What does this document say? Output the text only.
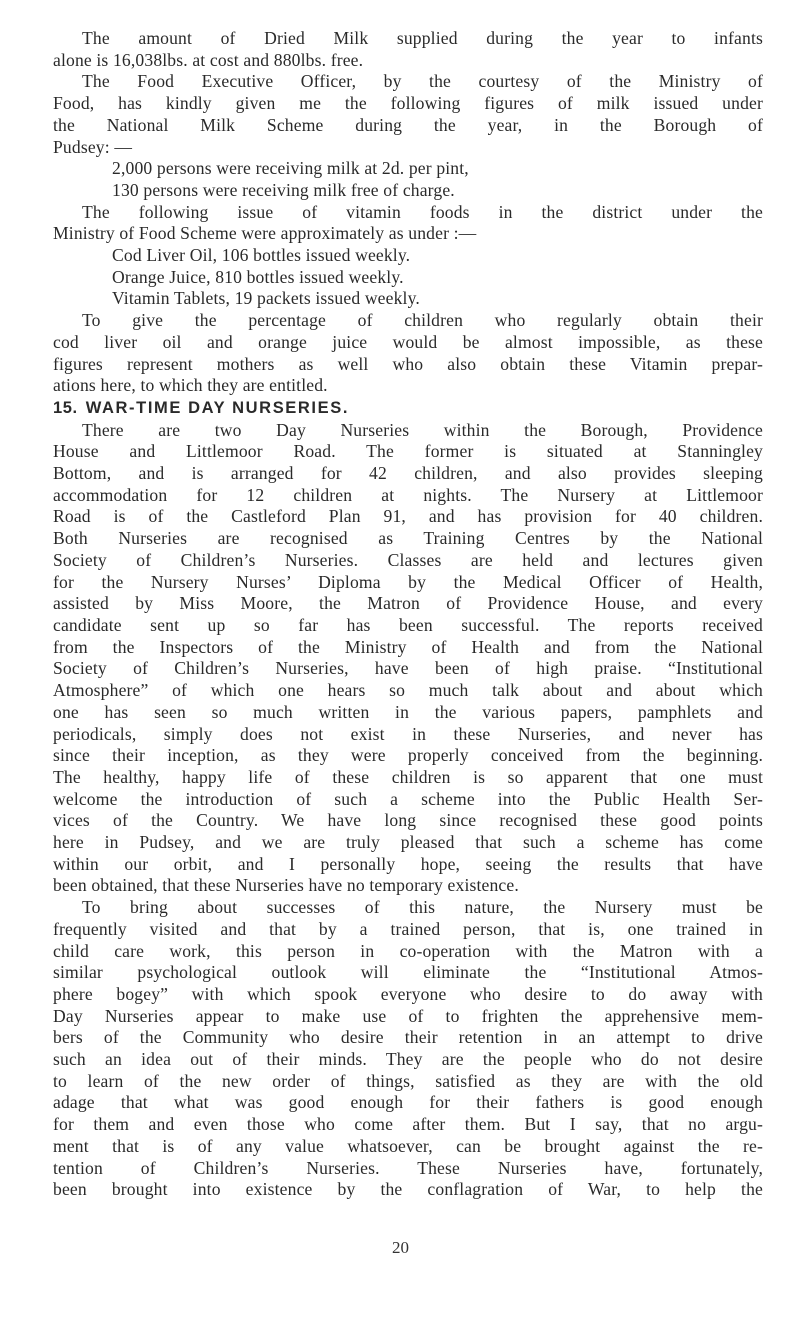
The amount of Dried Milk supplied during the year to infants
alone is 16,038lbs. at cost and 880lbs. free.
The Food Executive Officer, by the courtesy of the Ministry of
Food, has kindly given me the following figures of milk issued under
the National Milk Scheme during the year, in the Borough of
Pudsey: —
2,000 persons were receiving milk at 2d. per pint,
130 persons were receiving milk free of charge.
The following issue of vitamin foods in the district under the
Ministry of Food Scheme were approximately as under :—
Cod Liver Oil, 106 bottles issued weekly.
Orange Juice, 810 bottles issued weekly.
Vitamin Tablets, 19 packets issued weekly.
To give the percentage of children who regularly obtain their
cod liver oil and orange juice would be almost impossible, as these
figures represent mothers as well who also obtain these Vitamin prepar-
ations here, to which they are entitled.
15. WAR-TIME DAY NURSERIES.
There are two Day Nurseries within the Borough, Providence
House and Littlemoor Road. The former is situated at Stanningley
Bottom, and is arranged for 42 children, and also provides sleeping
accommodation for 12 children at nights. The Nursery at Littlemoor
Road is of the Castleford Plan 91, and has provision for 40 children.
Both Nurseries are recognised as Training Centres by the National
Society of Children’s Nurseries. Classes are held and lectures given
for the Nursery Nurses’ Diploma by the Medical Officer of Health,
assisted by Miss Moore, the Matron of Providence House, and every
candidate sent up so far has been successful. The reports received
from the Inspectors of the Ministry of Health and from the National
Society of Children’s Nurseries, have been of high praise. “Institutional
Atmosphere” of which one hears so much talk about and about which
one has seen so much written in the various papers, pamphlets and
periodicals, simply does not exist in these Nurseries, and never has
since their inception, as they were properly conceived from the beginning.
The healthy, happy life of these children is so apparent that one must
welcome the introduction of such a scheme into the Public Health Ser-
vices of the Country. We have long since recognised these good points
here in Pudsey, and we are truly pleased that such a scheme has come
within our orbit, and I personally hope, seeing the results that have
been obtained, that these Nurseries have no temporary existence.
To bring about successes of this nature, the Nursery must be
frequently visited and that by a trained person, that is, one trained in
child care work, this person in co-operation with the Matron with a
similar psychological outlook will eliminate the “Institutional Atmos-
phere bogey” with which spook everyone who desire to do away with
Day Nurseries appear to make use of to frighten the apprehensive mem-
bers of the Community who desire their retention in an attempt to drive
such an idea out of their minds. They are the people who do not desire
to learn of the new order of things, satisfied as they are with the old
adage that what was good enough for their fathers is good enough
for them and even those who come after them. But I say, that no argu-
ment that is of any value whatsoever, can be brought against the re-
tention of Children’s Nurseries. These Nurseries have, fortunately,
been brought into existence by the conflagration of War, to help the
20
